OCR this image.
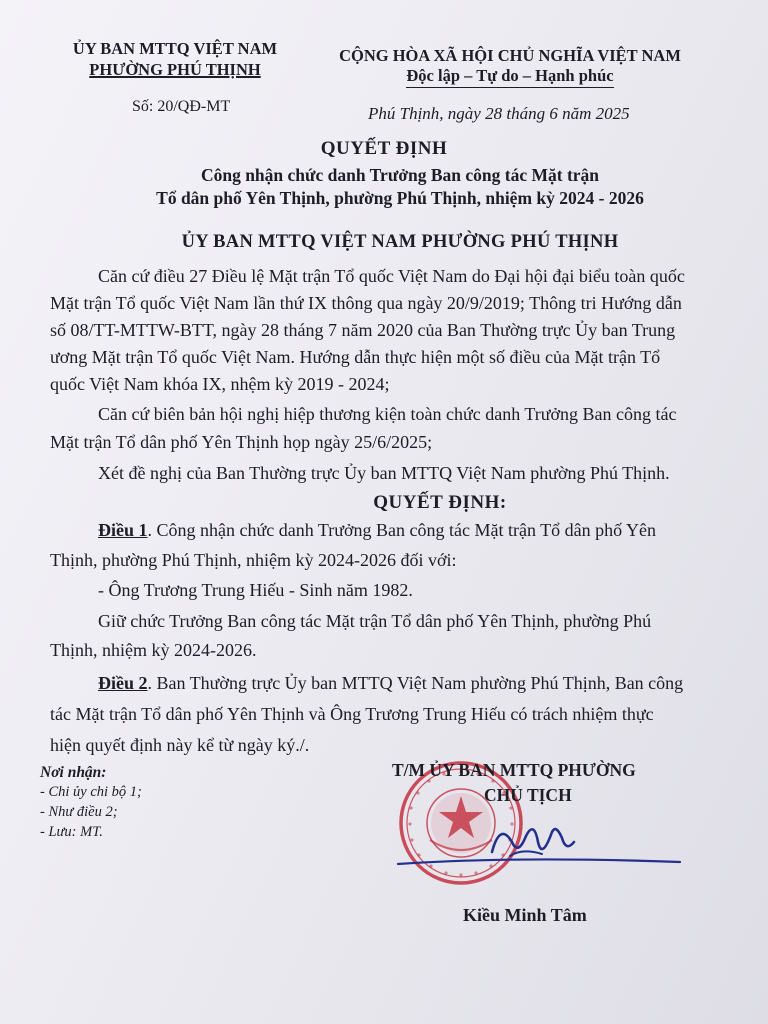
ỦY BAN MTTQ VIỆT NAM
PHƯỜNG PHÚ THỊNH
Số: 20/QĐ-MT
CỘNG HÒA XÃ HỘI CHỦ NGHĨA VIỆT NAM
Độc lập – Tự do – Hạnh phúc
Phú Thịnh, ngày 28 tháng 6 năm 2025
QUYẾT ĐỊNH
Công nhận chức danh Trưởng Ban công tác Mặt trận
Tổ dân phố Yên Thịnh, phường Phú Thịnh, nhiệm kỳ 2024 - 2026
ỦY BAN MTTQ VIỆT NAM PHƯỜNG PHÚ THỊNH
Căn cứ điều 27 Điều lệ Mặt trận Tổ quốc Việt Nam do Đại hội đại biểu toàn quốc
Mặt trận Tổ quốc Việt Nam lần thứ IX thông qua ngày 20/9/2019; Thông tri Hướng dẫn
số 08/TT-MTTW-BTT, ngày 28 tháng 7 năm 2020 của Ban Thường trực Ủy ban Trung
ương Mặt trận Tổ quốc Việt Nam. Hướng dẫn thực hiện một số điều của Mặt trận Tổ
quốc Việt Nam khóa IX, nhệm kỳ 2019 - 2024;
Căn cứ biên bản hội nghị hiệp thương kiện toàn chức danh Trưởng Ban công tác
Mặt trận Tổ dân phố Yên Thịnh họp ngày 25/6/2025;
Xét đề nghị của Ban Thường trực Ủy ban MTTQ Việt Nam phường Phú Thịnh.
QUYẾT ĐỊNH:
Điều 1. Công nhận chức danh Trưởng Ban công tác Mặt trận Tổ dân phố Yên
Thịnh, phường Phú Thịnh, nhiệm kỳ 2024-2026 đối với:
- Ông Trương Trung Hiếu - Sinh năm 1982.
Giữ chức Trưởng Ban công tác Mặt trận Tổ dân phố Yên Thịnh, phường Phú
Thịnh, nhiệm kỳ 2024-2026.
Điều 2. Ban Thường trực Ủy ban MTTQ Việt Nam phường Phú Thịnh, Ban công
tác Mặt trận Tổ dân phố Yên Thịnh và Ông Trương Trung Hiếu có trách nhiệm thực
hiện quyết định này kể từ ngày ký./.
Nơi nhận:
- Chi ủy chi bộ 1;
- Như điều 2;
- Lưu: MT.
T/M ỦY BAN MTTQ PHƯỜNG
CHỦ TỊCH
Kiều Minh Tâm
